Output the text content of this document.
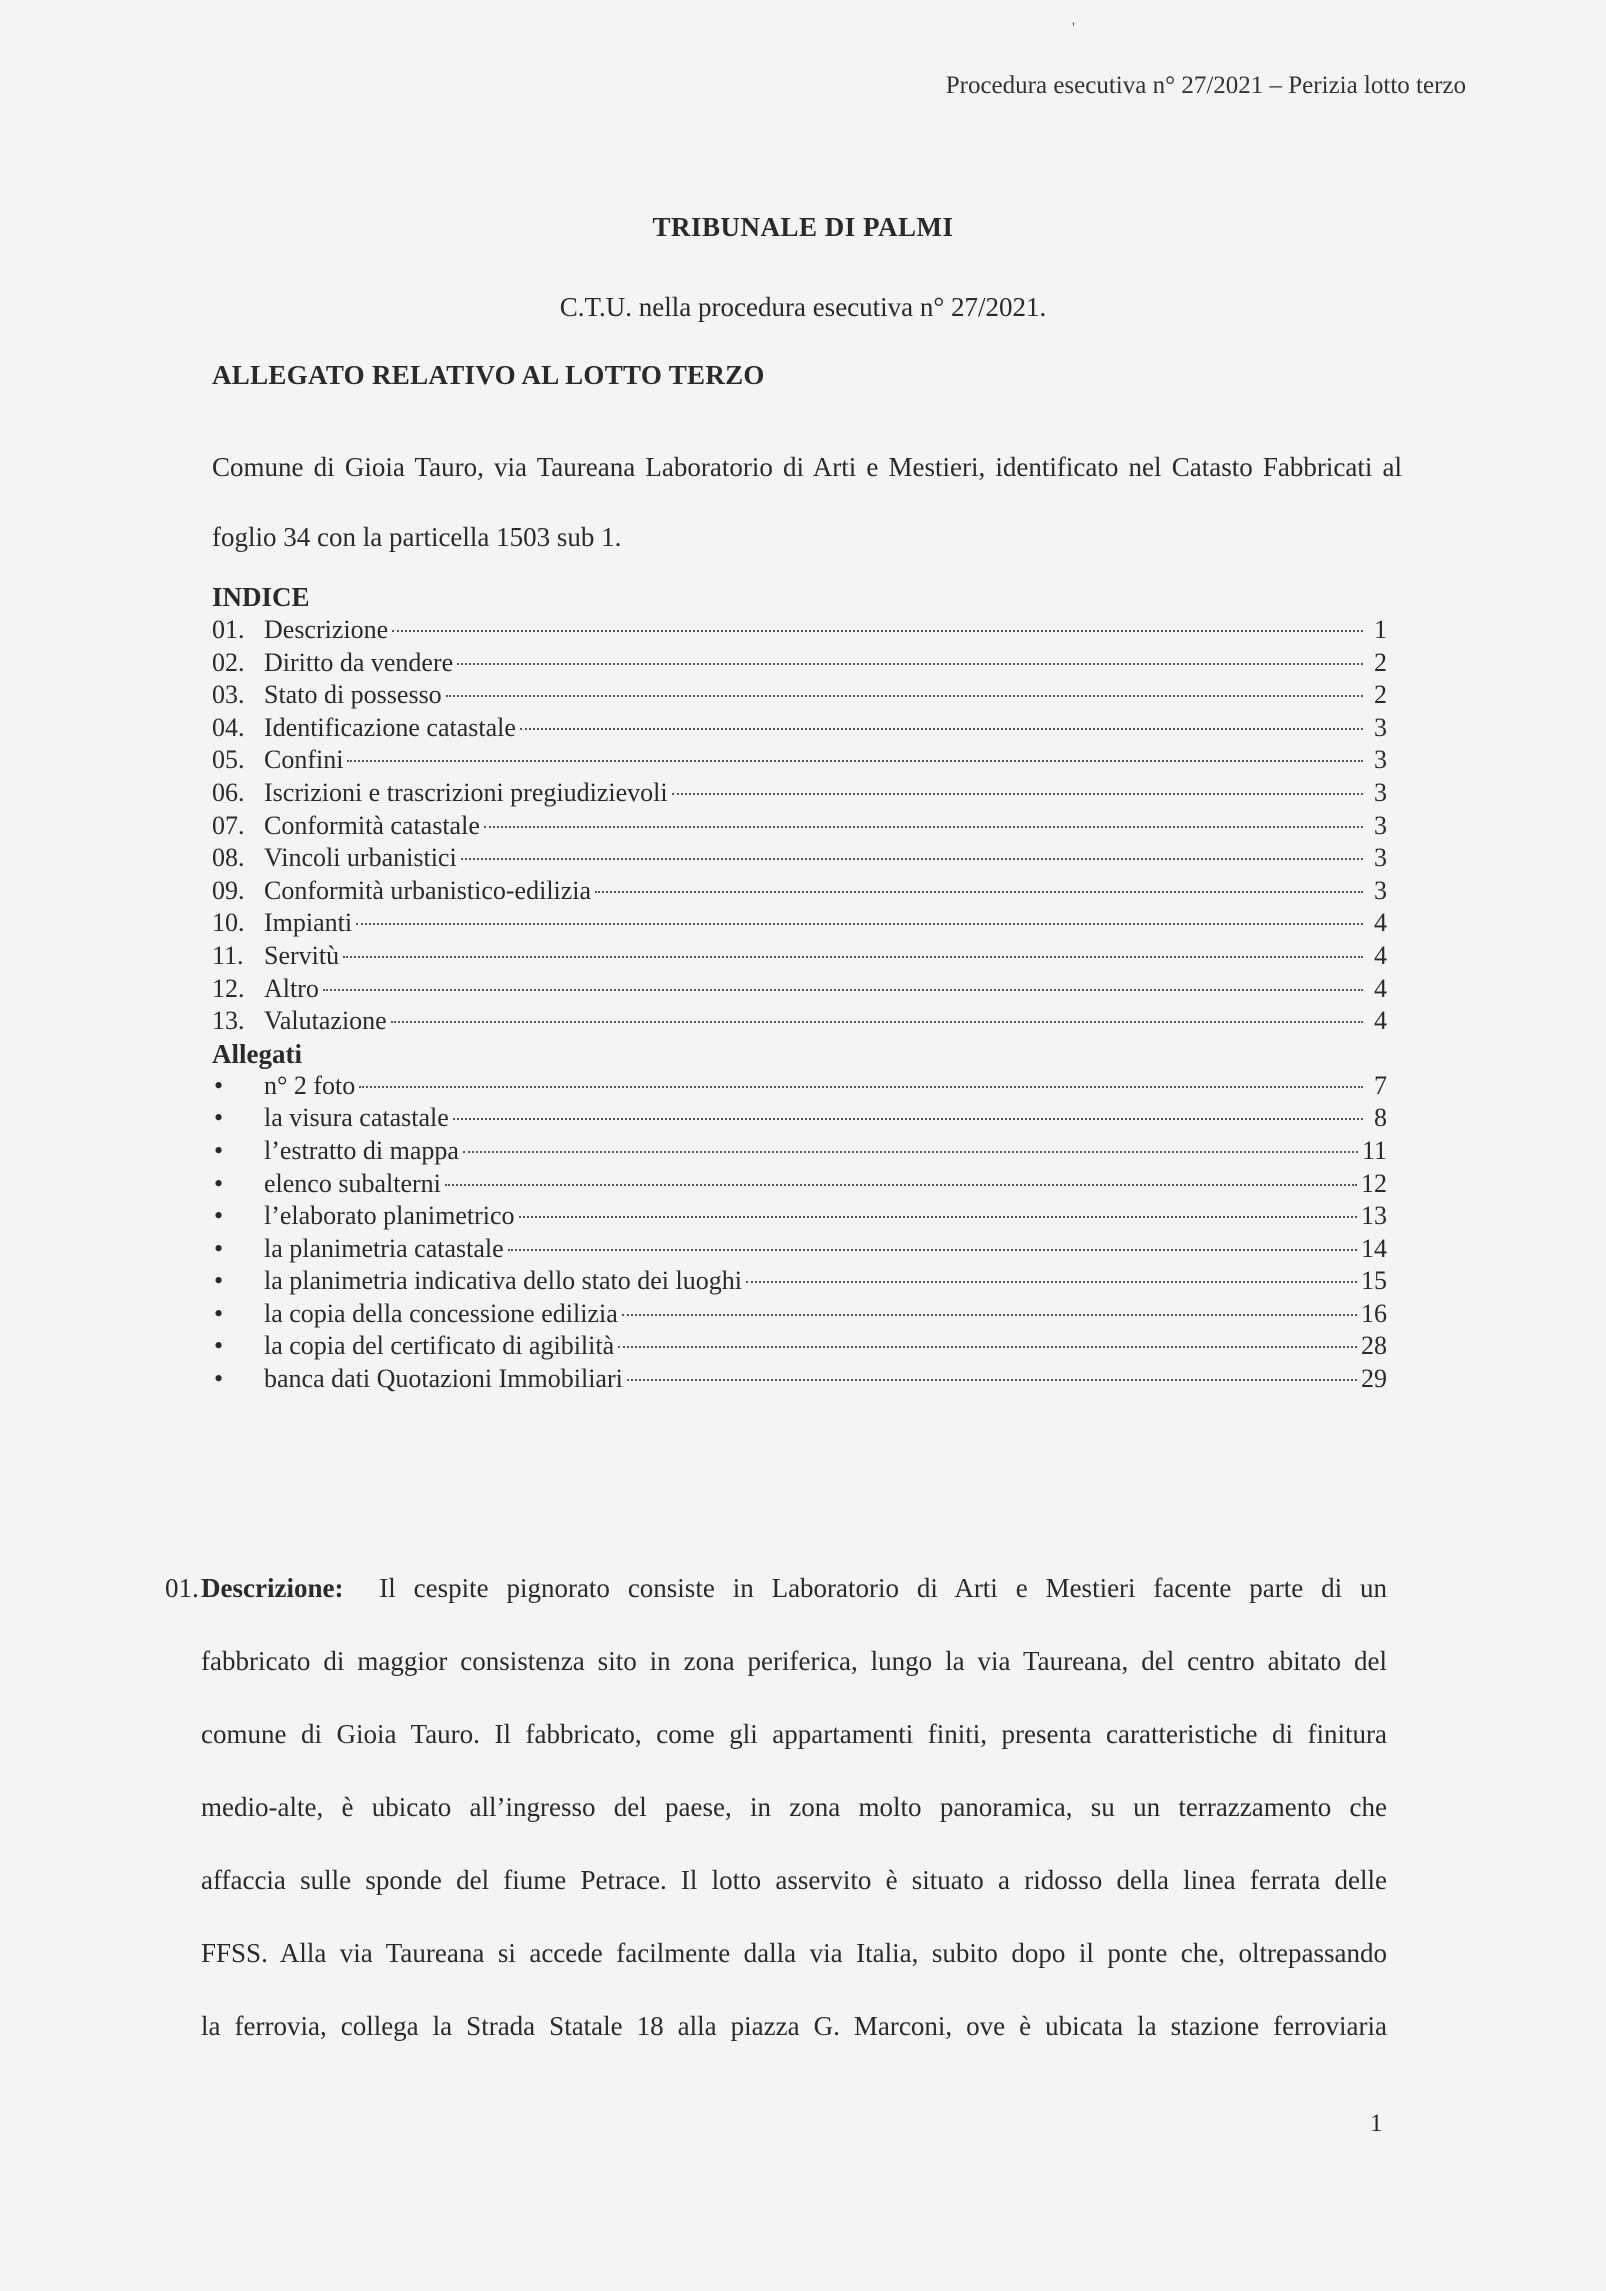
'
Procedura esecutiva n° 27/2021 – Perizia lotto terzo
TRIBUNALE DI PALMI
C.T.U. nella procedura esecutiva n° 27/2021.
ALLEGATO RELATIVO AL LOTTO TERZO
Comune di Gioia Tauro, via Taureana Laboratorio di Arti e Mestieri, identificato nel Catasto Fabbricati al foglio 34 con la particella 1503 sub 1.
INDICE
01. Descrizione	1
02. Diritto da vendere	2
03. Stato di possesso	2
04. Identificazione catastale	3
05. Confini	3
06. Iscrizioni e trascrizioni pregiudizievoli	3
07. Conformità catastale	3
08. Vincoli urbanistici	3
09. Conformità urbanistico-edilizia	3
10. Impianti	4
11. Servitù	4
12. Altro	4
13. Valutazione	4
Allegati
•	n° 2 foto	7
•	la visura catastale	8
•	l’estratto di mappa	11
•	elenco subalterni	12
•	l’elaborato planimetrico	13
•	la planimetria catastale	14
•	la planimetria indicativa dello stato dei luoghi	15
•	la copia della concessione edilizia	16
•	la copia del certificato di agibilità	28
•	banca dati Quotazioni Immobiliari	29
01. Descrizione: Il cespite pignorato consiste in Laboratorio di Arti e Mestieri facente parte di un
fabbricato di maggior consistenza sito in zona periferica, lungo la via Taureana, del centro abitato del
comune di Gioia Tauro. Il fabbricato, come gli appartamenti finiti, presenta caratteristiche di finitura
medio-alte, è ubicato all’ingresso del paese, in zona molto panoramica, su un terrazzamento che
affaccia sulle sponde del fiume Petrace. Il lotto asservito è situato a ridosso della linea ferrata delle
FFSS. Alla via Taureana si accede facilmente dalla via Italia, subito dopo il ponte che, oltrepassando
la ferrovia, collega la Strada Statale 18 alla piazza G. Marconi, ove è ubicata la stazione ferroviaria
1
